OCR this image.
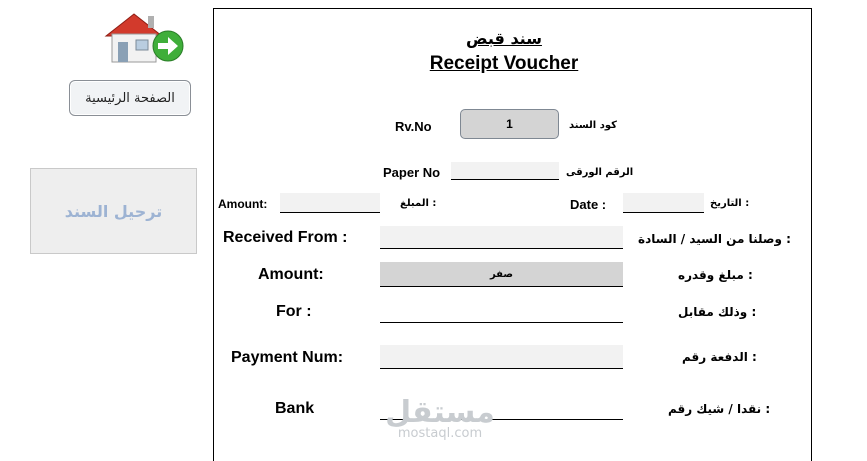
الصفحة الرئيسية
ترحيل السند
سند قبض
Receipt Voucher
Rv.No	1	كود السند
Paper No	الرقم الورقى
Amount:	المبلغ :	Date :	التاريخ :
Received From :	وصلنا من السيد / السادة :
Amount:	صفر	مبلغ وقدره :
For :	وذلك مقابل :
Payment Num:	الدفعة رقم :
Bank	نقدا / شيك رقم :
مستقل
mostaql.com
